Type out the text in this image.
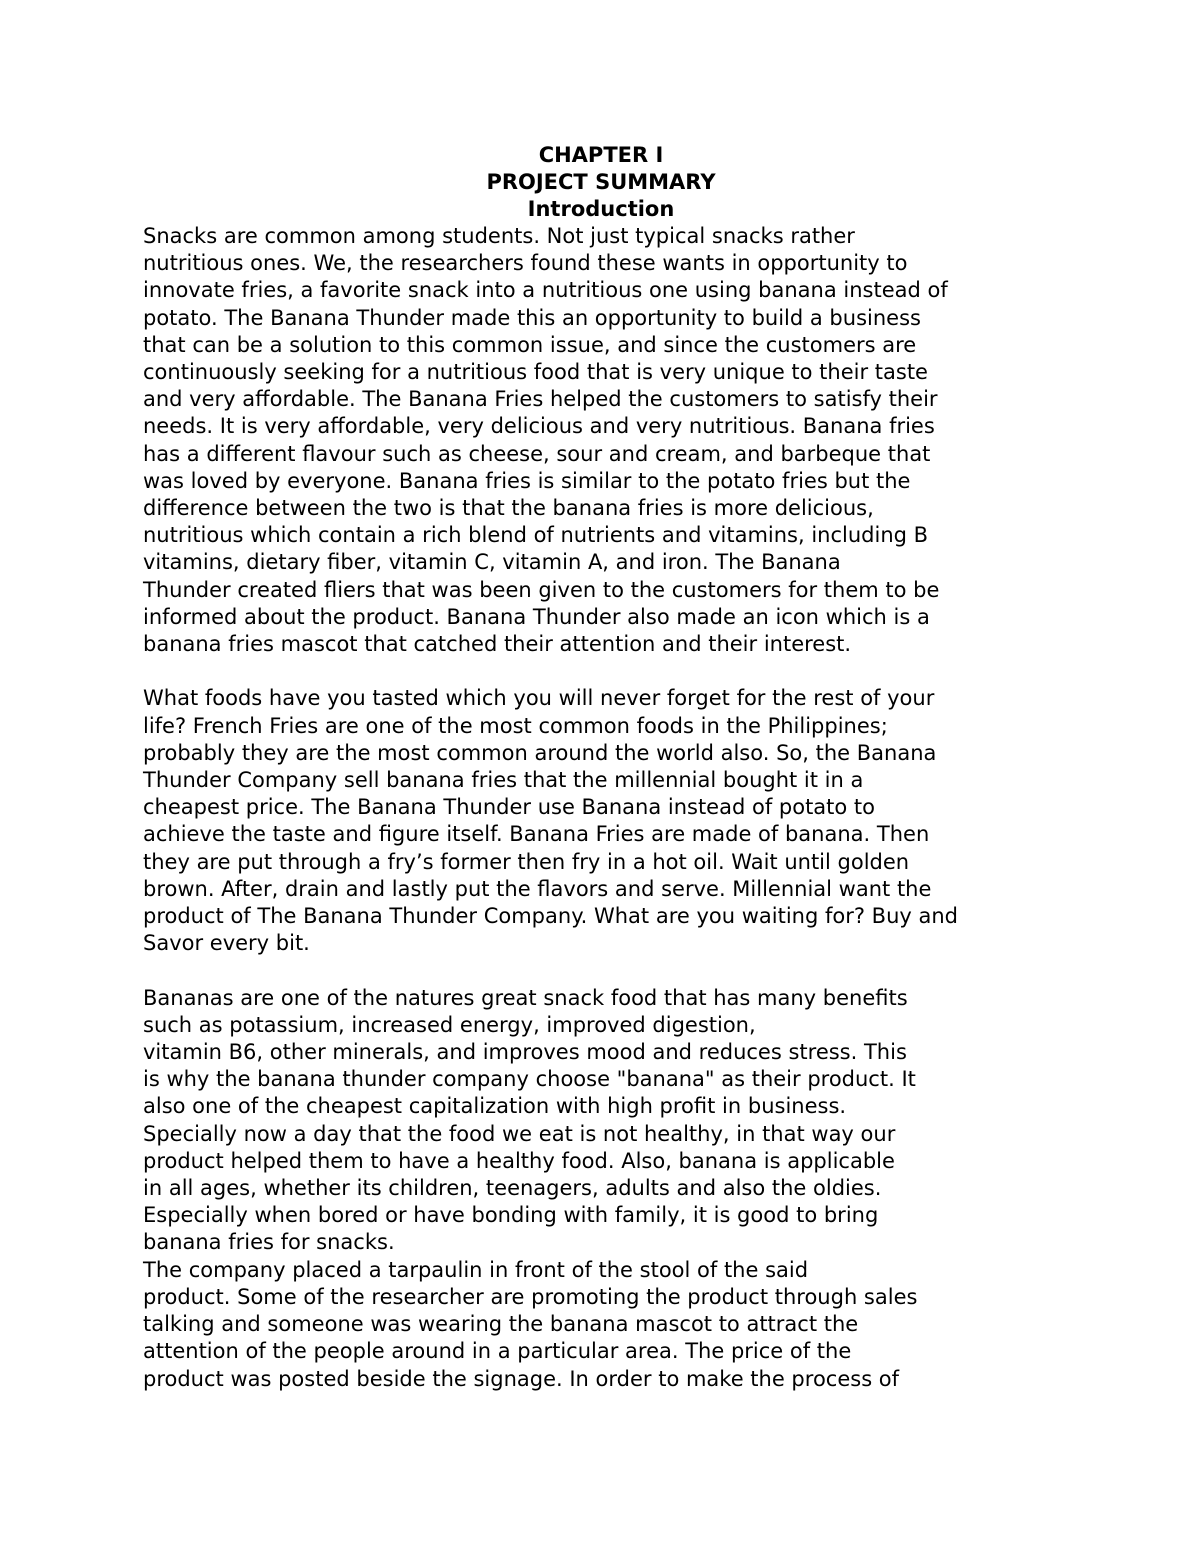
CHAPTER I
PROJECT SUMMARY
Introduction
Snacks are common among students. Not just typical snacks rather
nutritious ones. We, the researchers found these wants in opportunity to
innovate fries, a favorite snack into a nutritious one using banana instead of
potato. The Banana Thunder made this an opportunity to build a business
that can be a solution to this common issue, and since the customers are
continuously seeking for a nutritious food that is very unique to their taste
and very affordable. The Banana Fries helped the customers to satisfy their
needs. It is very affordable, very delicious and very nutritious. Banana fries
has a different flavour such as cheese, sour and cream, and barbeque that
was loved by everyone. Banana fries is similar to the potato fries but the
difference between the two is that the banana fries is more delicious,
nutritious which contain a rich blend of nutrients and vitamins, including B
vitamins, dietary fiber, vitamin C, vitamin A, and iron. The Banana
Thunder created fliers that was been given to the customers for them to be
informed about the product. Banana Thunder also made an icon which is a
banana fries mascot that catched their attention and their interest.
What foods have you tasted which you will never forget for the rest of your
life? French Fries are one of the most common foods in the Philippines;
probably they are the most common around the world also. So, the Banana
Thunder Company sell banana fries that the millennial bought it in a
cheapest price. The Banana Thunder use Banana instead of potato to
achieve the taste and figure itself. Banana Fries are made of banana. Then
they are put through a fry’s former then fry in a hot oil. Wait until golden
brown. After, drain and lastly put the flavors and serve. Millennial want the
product of The Banana Thunder Company. What are you waiting for? Buy and
Savor every bit.
Bananas are one of the natures great snack food that has many benefits
such as potassium, increased energy, improved digestion,
vitamin B6, other minerals, and improves mood and reduces stress. This
is why the banana thunder company choose "banana" as their product. It
also one of the cheapest capitalization with high profit in business.
Specially now a day that the food we eat is not healthy, in that way our
product helped them to have a healthy food. Also, banana is applicable
in all ages, whether its children, teenagers, adults and also the oldies.
Especially when bored or have bonding with family, it is good to bring
banana fries for snacks.
The company placed a tarpaulin in front of the stool of the said
product. Some of the researcher are promoting the product through sales
talking and someone was wearing the banana mascot to attract the
attention of the people around in a particular area. The price of the
product was posted beside the signage. In order to make the process of
